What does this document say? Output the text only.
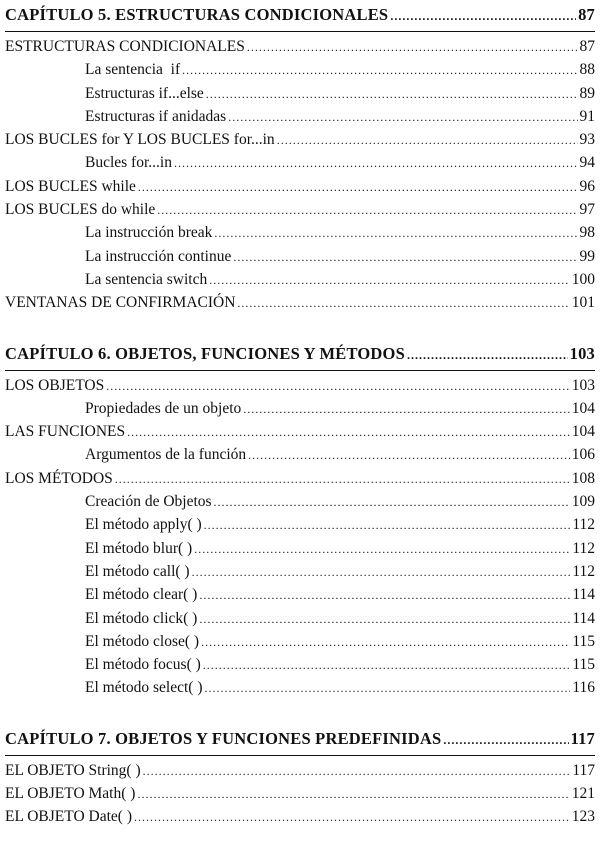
CAPÍTULO 5. ESTRUCTURAS CONDICIONALES . . .	87
ESTRUCTURAS CONDICIONALES . . .	87
La sentencia  if . . .	88
Estructuras if...else . . .	89
Estructuras if anidadas . . .	91
LOS BUCLES for Y LOS BUCLES for...in . . .	93
Bucles for...in . . .	94
LOS BUCLES while . . .	96
LOS BUCLES do while . . .	97
La instrucción break . . .	98
La instrucción continue . . .	99
La sentencia switch . . .	100
VENTANAS DE CONFIRMACIÓN . . .	101
CAPÍTULO 6. OBJETOS, FUNCIONES Y MÉTODOS . . .	103
LOS OBJETOS . . .	103
Propiedades de un objeto . . .	104
LAS FUNCIONES . . .	104
Argumentos de la función . . .	106
LOS MÉTODOS . . .	108
Creación de Objetos . . .	109
El método apply( ) . . .	112
El método blur( ) . . .	112
El método call( ) . . .	112
El método clear( ) . . .	114
El método click( ) . . .	114
El método close( ) . . .	115
El método focus( ) . . .	115
El método select( ) . . .	116
CAPÍTULO 7. OBJETOS Y FUNCIONES PREDEFINIDAS . . .	117
EL OBJETO String( ) . . .	117
EL OBJETO Math( ) . . .	121
EL OBJETO Date( ) . . .	123
